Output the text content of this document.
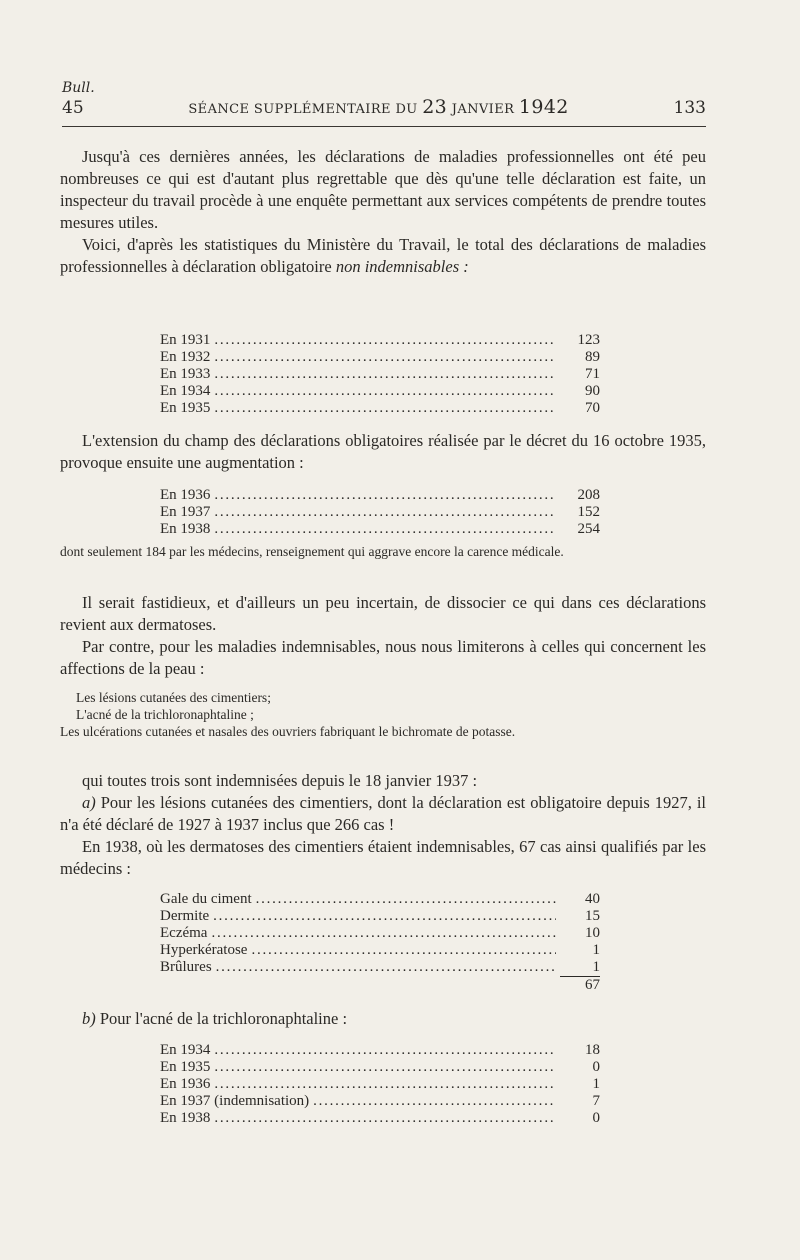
Bull.
45	SÉANCE SUPPLÉMENTAIRE DU 23 JANVIER 1942	133

Jusqu'à ces dernières années, les déclarations de maladies professionnelles ont été peu nombreuses ce qui est d'autant plus regrettable que dès qu'une telle déclaration est faite, un inspecteur du travail procède à une enquête permettant aux services compétents de prendre toutes mesures utiles.

Voici, d'après les statistiques du Ministère du Travail, le total des déclarations de maladies professionnelles à déclaration obligatoire non indemnisables :

En 1931 . . .	123
En 1932 . . .	89
En 1933 . . .	71
En 1934 . . .	90
En 1935 . . .	70

L'extension du champ des déclarations obligatoires réalisée par le décret du 16 octobre 1935, provoque ensuite une augmentation :

En 1936 . . .	208
En 1937 . . .	152
En 1938 . . .	254

dont seulement 184 par les médecins, renseignement qui aggrave encore la carence médicale.

Il serait fastidieux, et d'ailleurs un peu incertain, de dissocier ce qui dans ces déclarations revient aux dermatoses.

Par contre, pour les maladies indemnisables, nous nous limiterons à celles qui concernent les affections de la peau :

Les lésions cutanées des cimentiers;

L'acné de la trichloronaphtaline ;

Les ulcérations cutanées et nasales des ouvriers fabriquant le bichromate de potasse.

qui toutes trois sont indemnisées depuis le 18 janvier 1937 :

a) Pour les lésions cutanées des cimentiers, dont la déclaration est obligatoire depuis 1927, il n'a été déclaré de 1927 à 1937 inclus que 266 cas !

En 1938, où les dermatoses des cimentiers étaient indemnisables, 67 cas ainsi qualifiés par les médecins :

Gale du ciment . . .	40
Dermite . . .	15
Eczéma . . .	10
Hyperkératose . . .	1
Brûlures . . .	1
67

b) Pour l'acné de la trichloronaphtaline :

En 1934 . . .	18
En 1935 . . .	0
En 1936 . . .	1
En 1937 (indemnisation) . . .	7
En 1938 . . .	0
